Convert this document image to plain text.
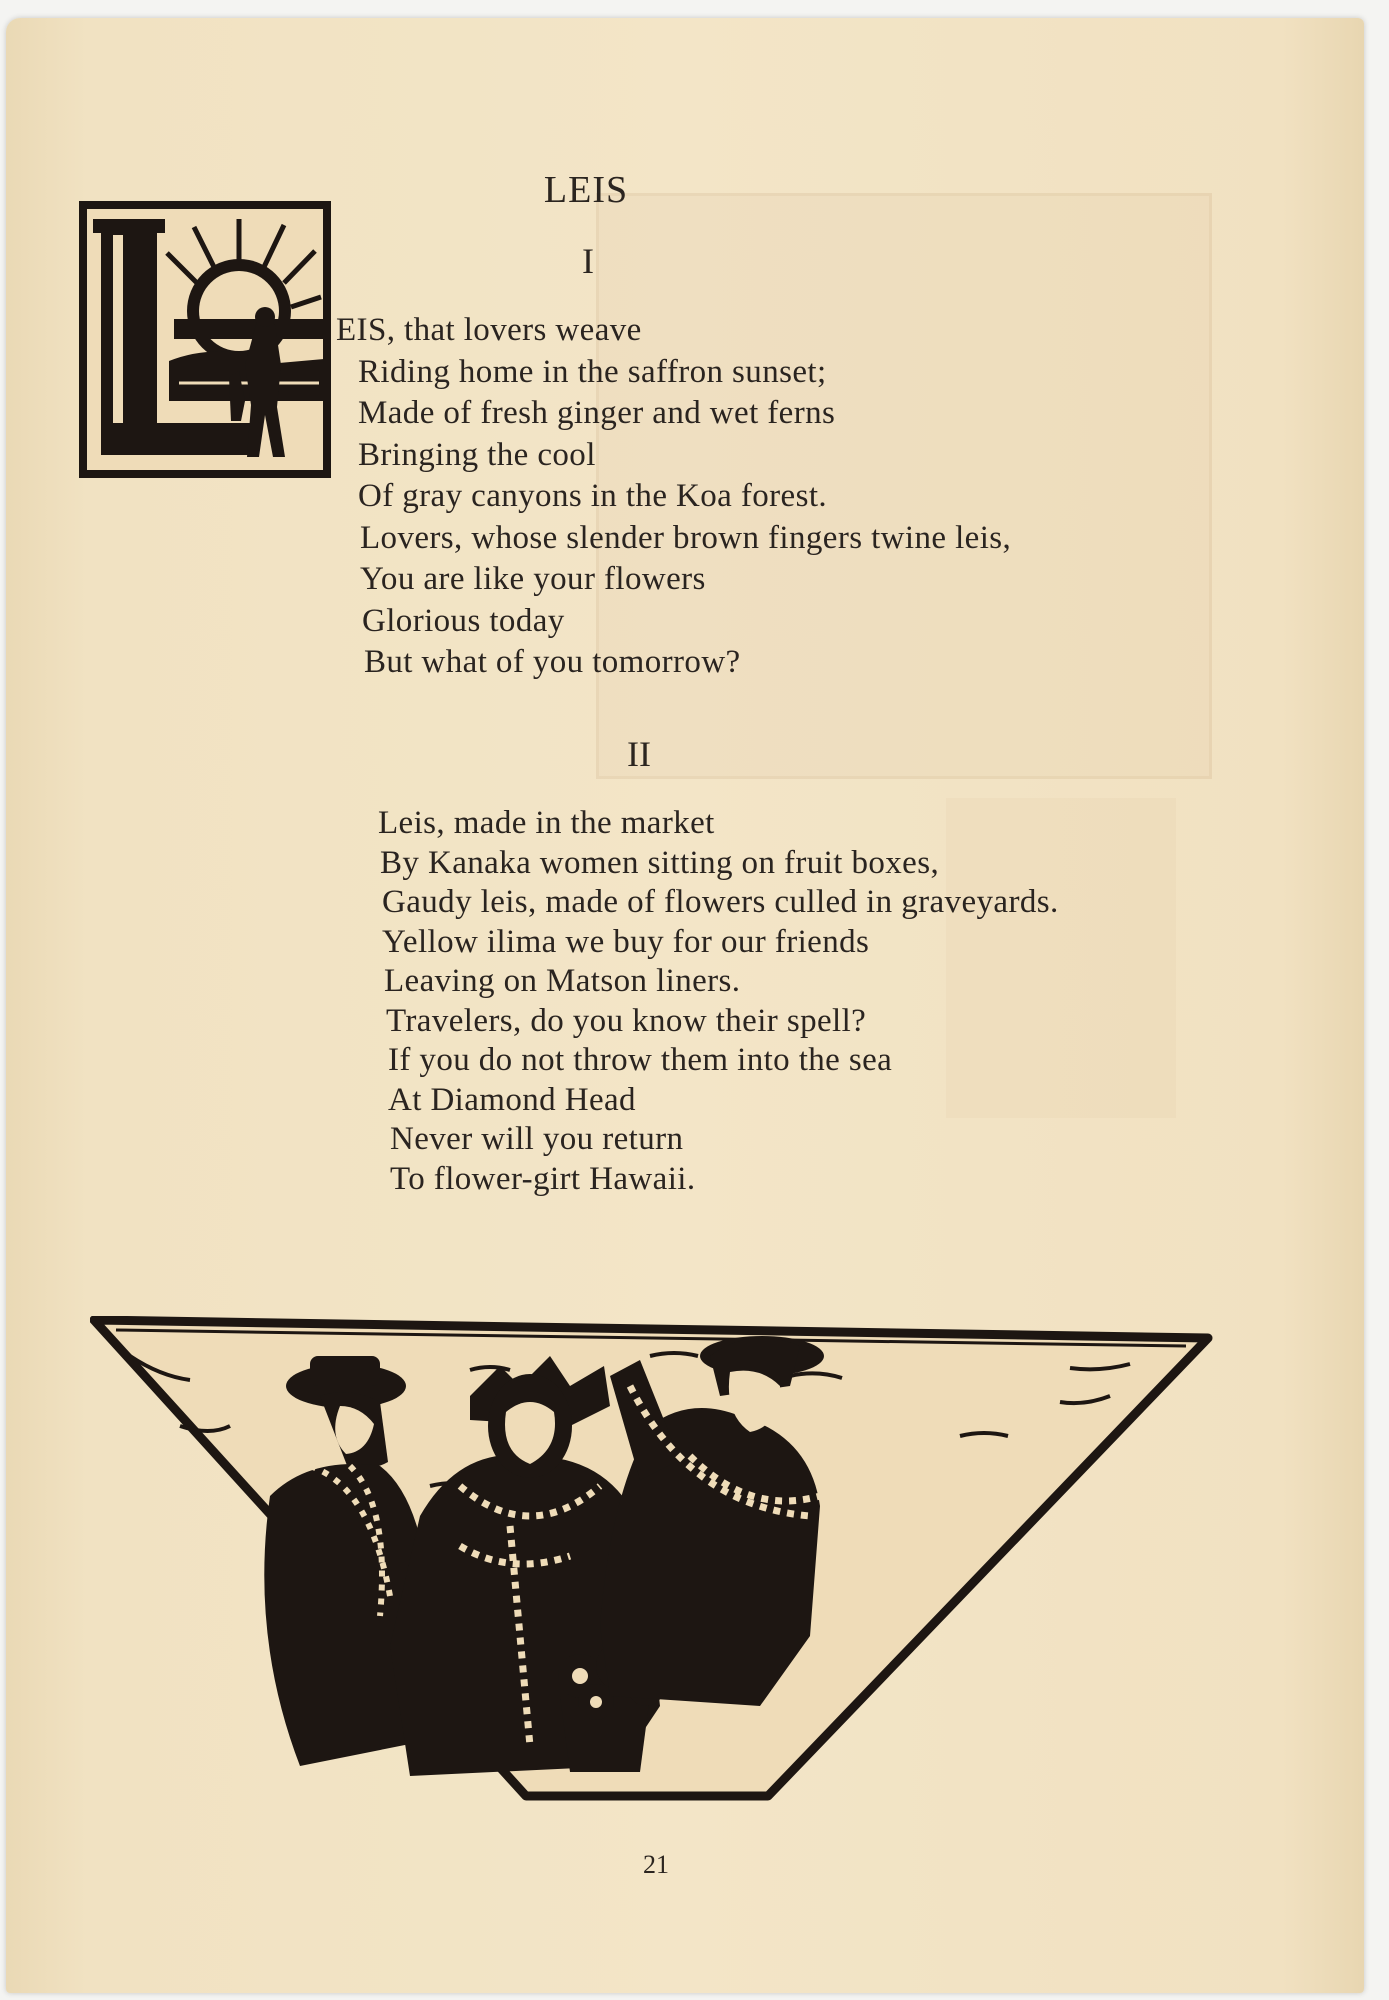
LEIS
I
EIS, that lovers weave
Riding home in the saffron sunset;
Made of fresh ginger and wet ferns
Bringing the cool
Of gray canyons in the Koa forest.
Lovers, whose slender brown fingers twine leis,
You are like your flowers
Glorious today
But what of you tomorrow?
II
Leis, made in the market
By Kanaka women sitting on fruit boxes,
Gaudy leis, made of flowers culled in graveyards.
Yellow ilima we buy for our friends
Leaving on Matson liners.
Travelers, do you know their spell?
If you do not throw them into the sea
At Diamond Head
Never will you return
To flower-girt Hawaii.
21
